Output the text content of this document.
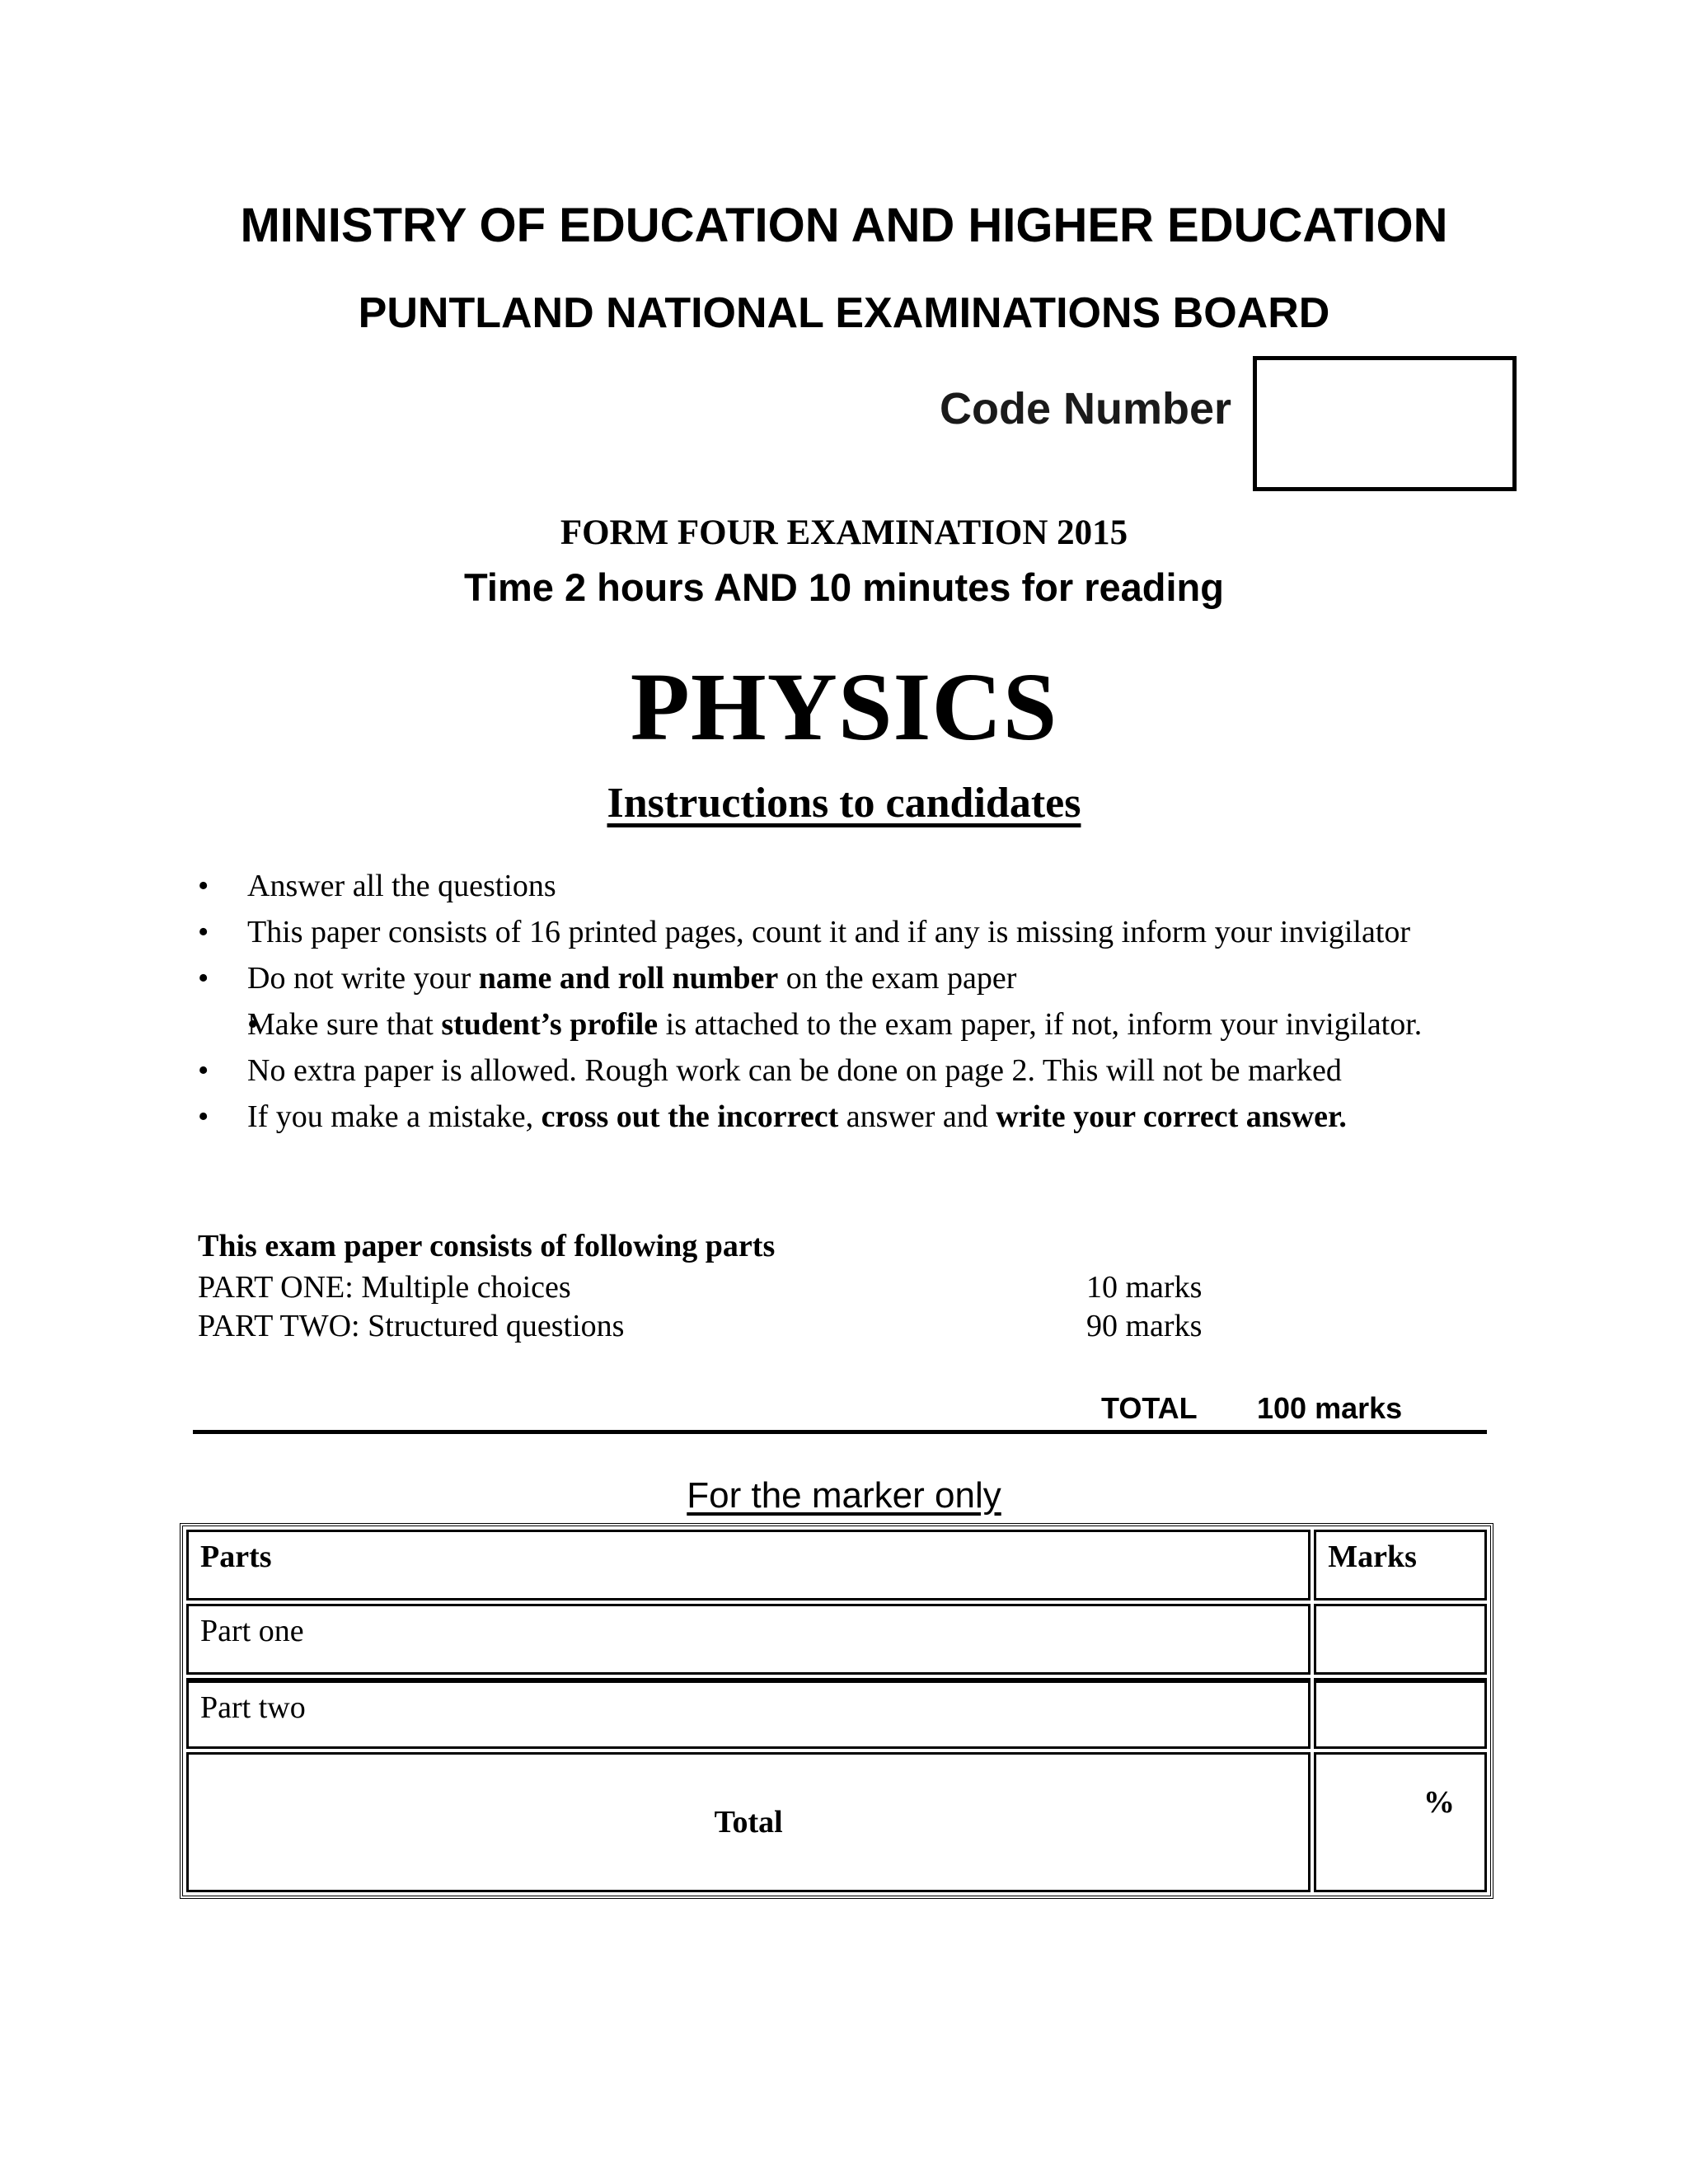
MINISTRY OF EDUCATION AND HIGHER EDUCATION
PUNTLAND NATIONAL EXAMINATIONS BOARD
Code Number
FORM FOUR EXAMINATION 2015
Time 2 hours AND 10 minutes for reading
PHYSICS
Instructions to candidates
• Answer all the questions
• This paper consists of 16 printed pages, count it and if any is missing inform your invigilator
• Do not write your name and roll number on the exam paper
• Make sure that student’s profile is attached to the exam paper, if not, inform your invigilator.
• No extra paper is allowed. Rough work can be done on page 2. This will not be marked
• If you make a mistake, cross out the incorrect answer and write your correct answer.
This exam paper consists of following parts
PART ONE: Multiple choices	10 marks
PART TWO: Structured questions	90 marks
TOTAL 100 marks
For the marker only
Parts	Marks
Part one	
Part two	
Total	%
